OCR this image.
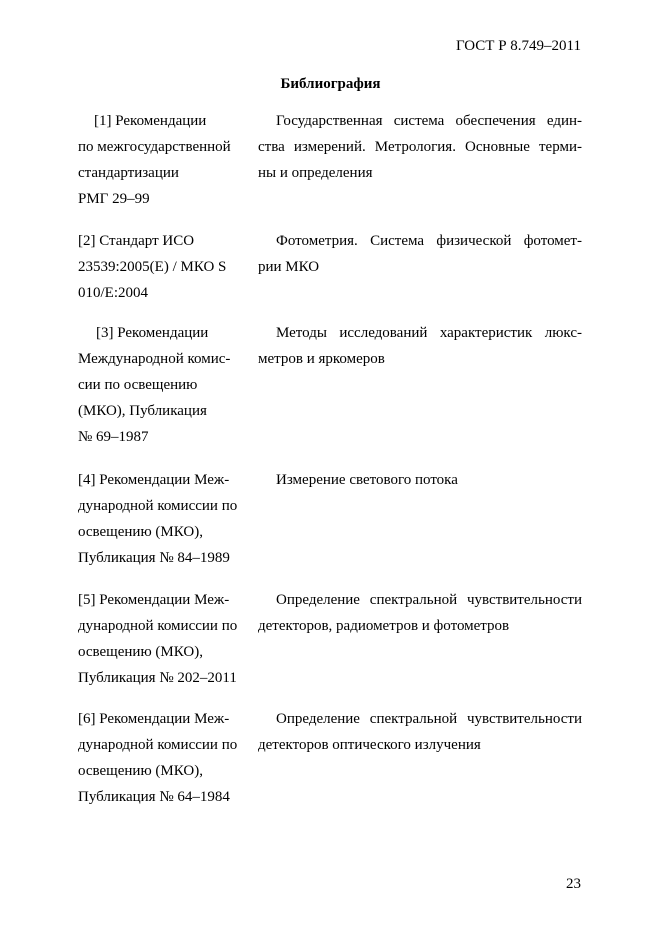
ГОСТ Р 8.749–2011
Библиография
[1] Рекомендации
по межгосударственной
стандартизации
РМГ 29–99
Государственная система обеспечения един-
ства измерений. Метрология. Основные терми-
ны и определения
[2] Стандарт ИСО
23539:2005(E) / МКО S
010/E:2004
Фотометрия. Система физической фотомет-
рии МКО
[3] Рекомендации
Международной комис-
сии по освещению
(МКО), Публикация
№ 69–1987
Методы исследований характеристик люкс-
метров и яркомеров
[4] Рекомендации Меж-
дународной комиссии по
освещению (МКО),
Публикация № 84–1989
Измерение светового потока
[5] Рекомендации Меж-
дународной комиссии по
освещению (МКО),
Публикация № 202–2011
Определение спектральной чувствительности
детекторов, радиометров и фотометров
[6] Рекомендации Меж-
дународной комиссии по
освещению (МКО),
Публикация № 64–1984
Определение спектральной чувствительности
детекторов оптического излучения
23
